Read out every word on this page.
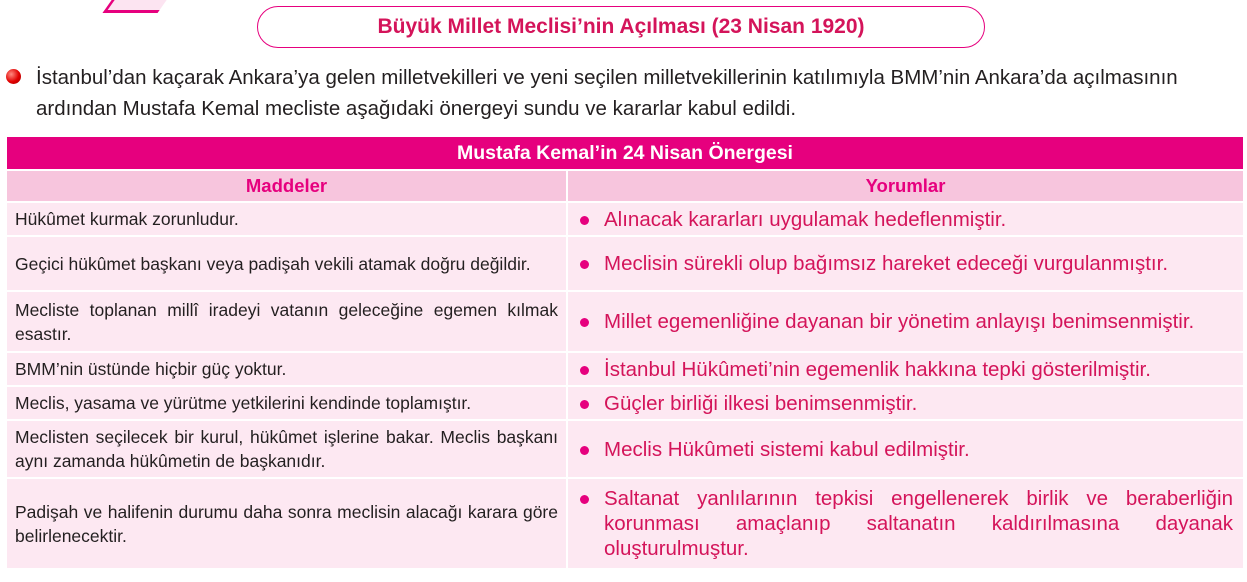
Büyük Millet Meclisi’nin Açılması (23 Nisan 1920)
İstanbul’dan kaçarak Ankara’ya gelen milletvekilleri ve yeni seçilen milletvekillerinin katılımıyla BMM’nin Ankara’da açılmasının ardından Mustafa Kemal mecliste aşağıdaki önergeyi sundu ve kararlar kabul edildi.
Mustafa Kemal’in 24 Nisan Önergesi	
Maddeler	Yorumlar
Hükûmet kurmak zorunludur.	Alınacak kararları uygulamak hedeflenmiştir.

Geçici hükûmet başkanı veya padişah vekili atamak doğru değildir.	Meclisin sürekli olup bağımsız hareket edeceği vurgulanmıştır.

Mecliste toplanan millî iradeyi vatanın geleceğine egemen kılmak esastır.	Millet egemenliğine dayanan bir yönetim anlayışı benimsenmiştir.

BMM’nin üstünde hiçbir güç yoktur.	İstanbul Hükûmeti’nin egemenlik hakkına tepki gösterilmiştir.

Meclis, yasama ve yürütme yetkilerini kendinde toplamıştır.	Güçler birliği ilkesi benimsenmiştir.

Meclisten seçilecek bir kurul, hükûmet işlerine bakar. Meclis başkanı aynı zamanda hükûmetin de başkanıdır.	Meclis Hükûmeti sistemi kabul edilmiştir.

Padişah ve halifenin durumu daha sonra meclisin alacağı karara göre belirlenecektir.	Saltanat yanlılarının tepkisi engellenerek birlik ve beraberliğin korunması amaçlanıp saltanatın kaldırılmasına dayanak oluşturulmuştur.
